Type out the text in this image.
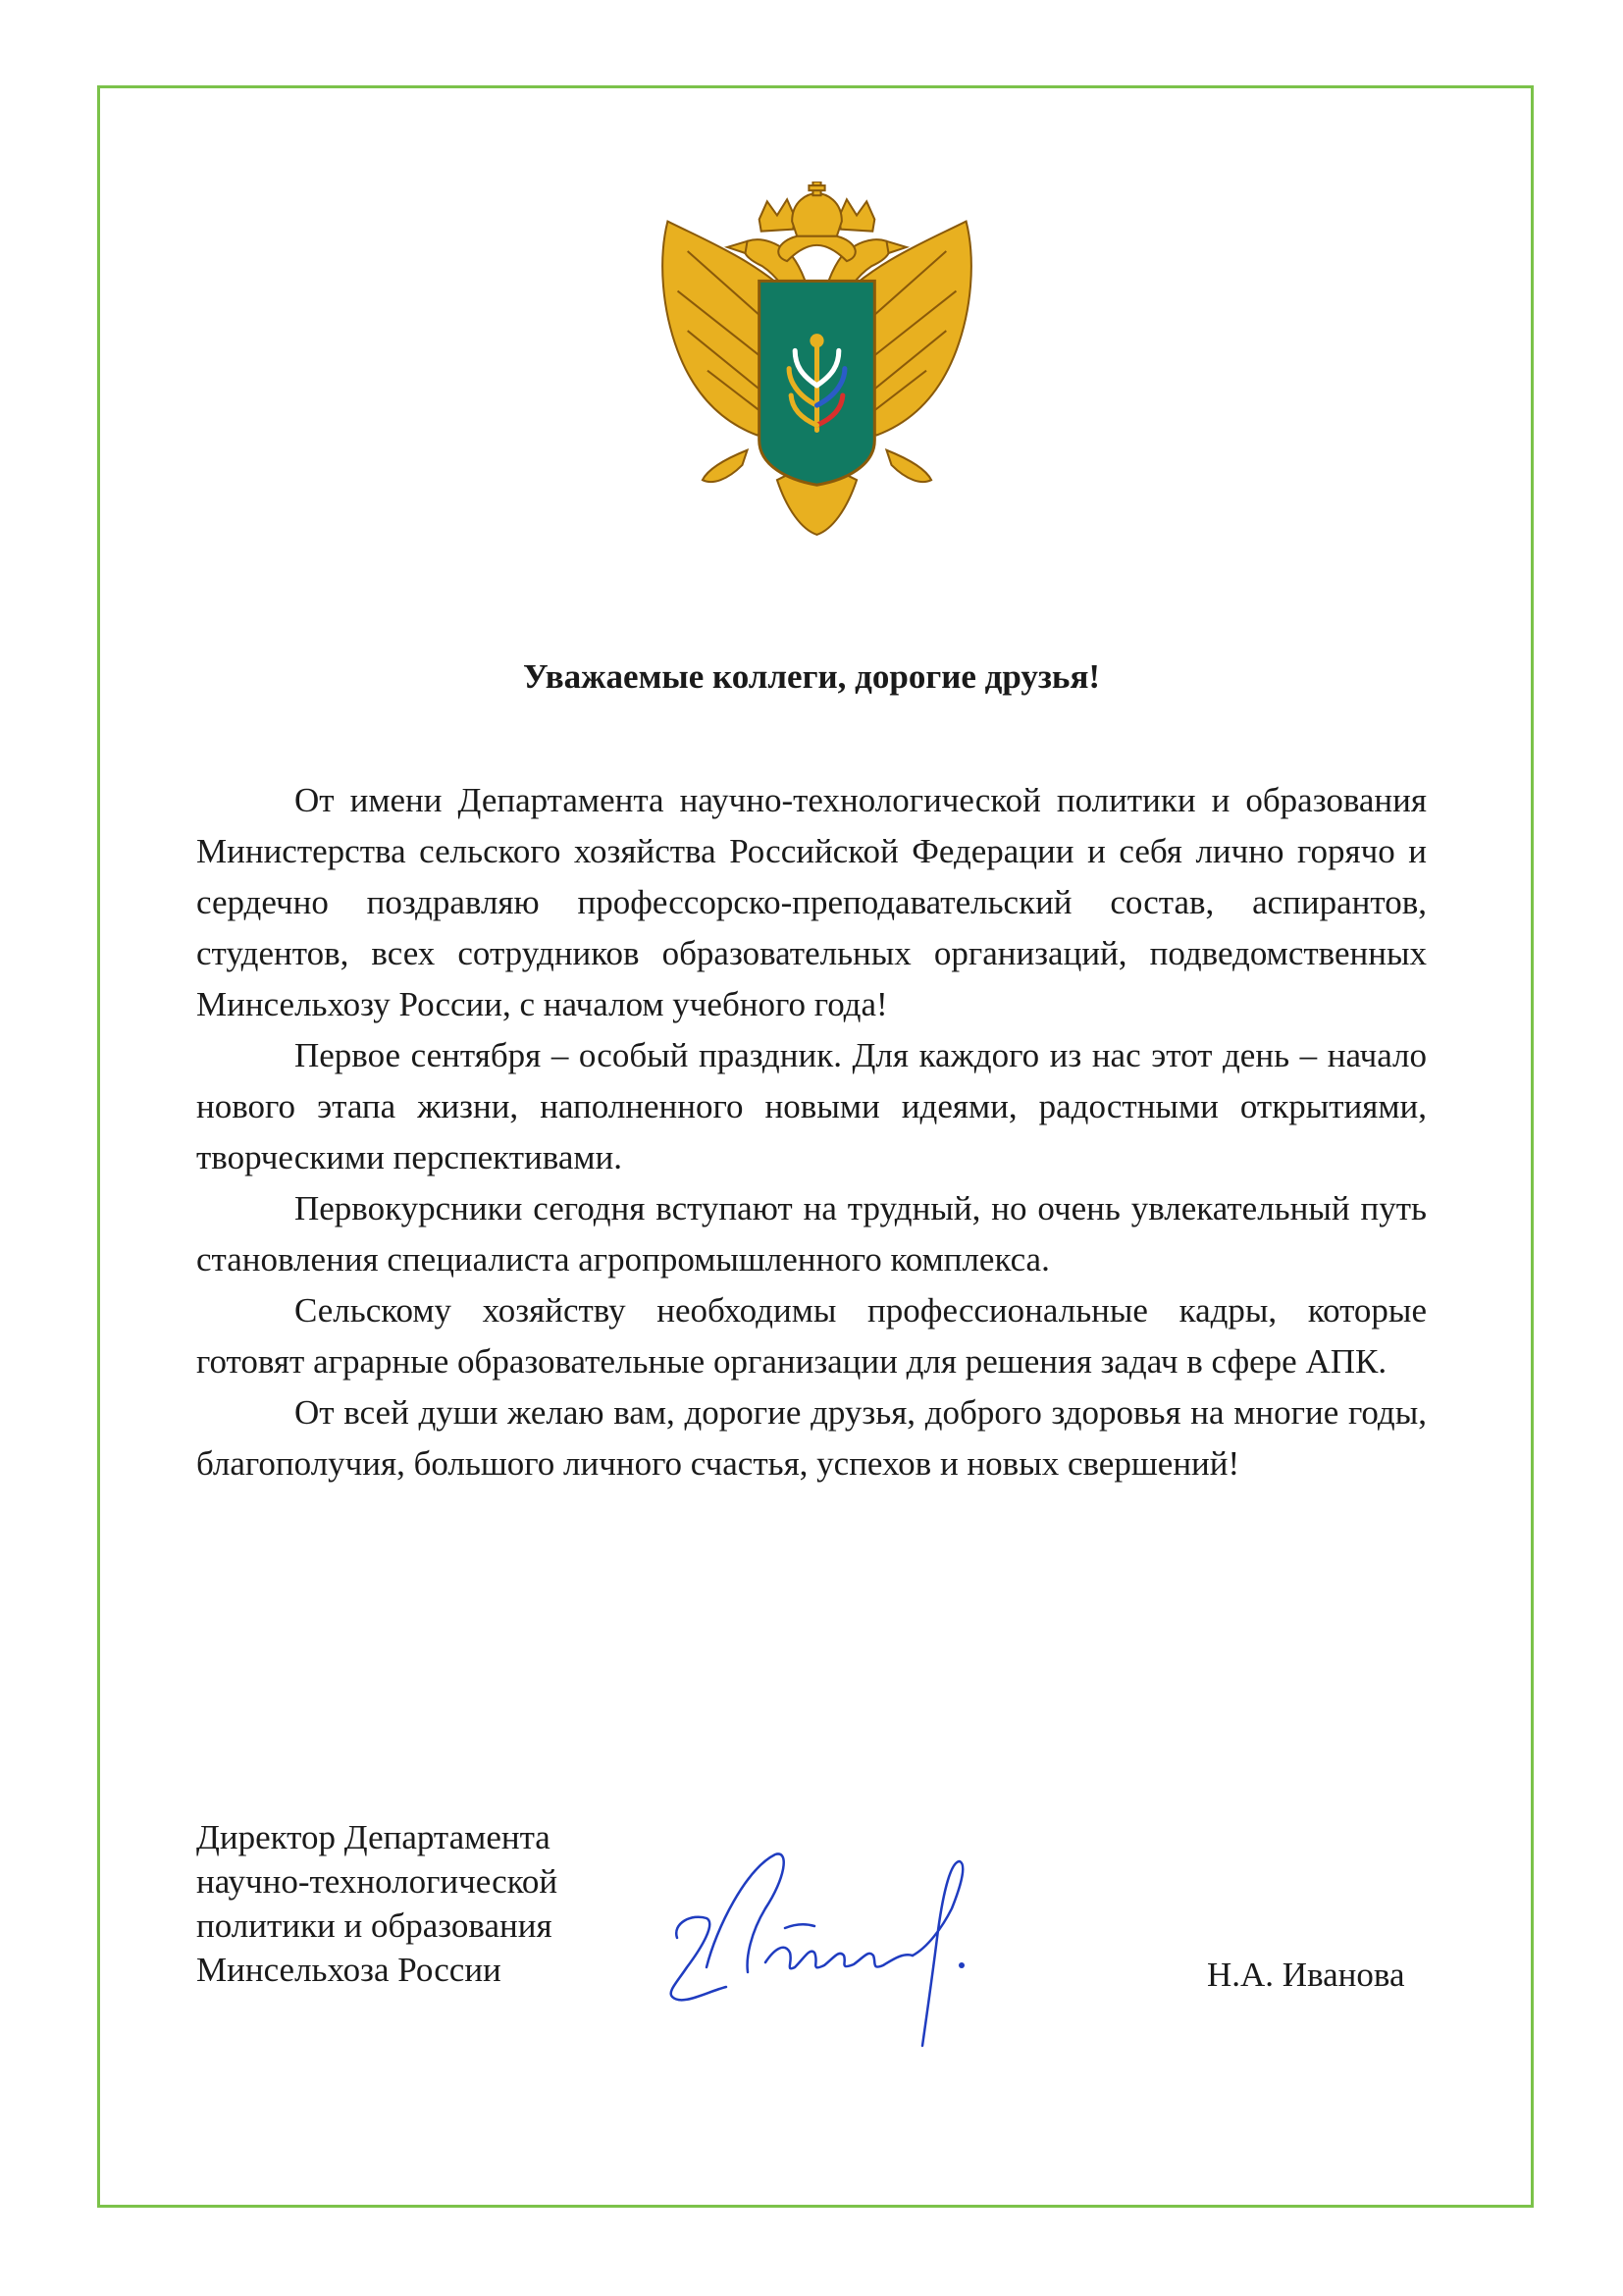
Уважаемые коллеги, дорогие друзья!

От имени Департамента научно-технологической политики и образования Министерства сельского хозяйства Российской Федерации и себя лично горячо и сердечно поздравляю профессорско-преподавательский состав, аспирантов, студентов, всех сотрудников образовательных организаций, подведомственных Минсельхозу России, с началом учебного года!

Первое сентября – особый праздник. Для каждого из нас этот день – начало нового этапа жизни, наполненного новыми идеями, радостными открытиями, творческими перспективами.

Первокурсники сегодня вступают на трудный, но очень увлекательный путь становления специалиста агропромышленного комплекса.

Сельскому хозяйству необходимы профессиональные кадры, которые готовят аграрные образовательные организации для решения задач в сфере АПК.

От всей души желаю вам, дорогие друзья, доброго здоровья на многие годы, благополучия, большого личного счастья, успехов и новых свершений!

Директор Департамента
научно-технологической
политики и образования
Минсельхоза России	Н.А. Иванова
